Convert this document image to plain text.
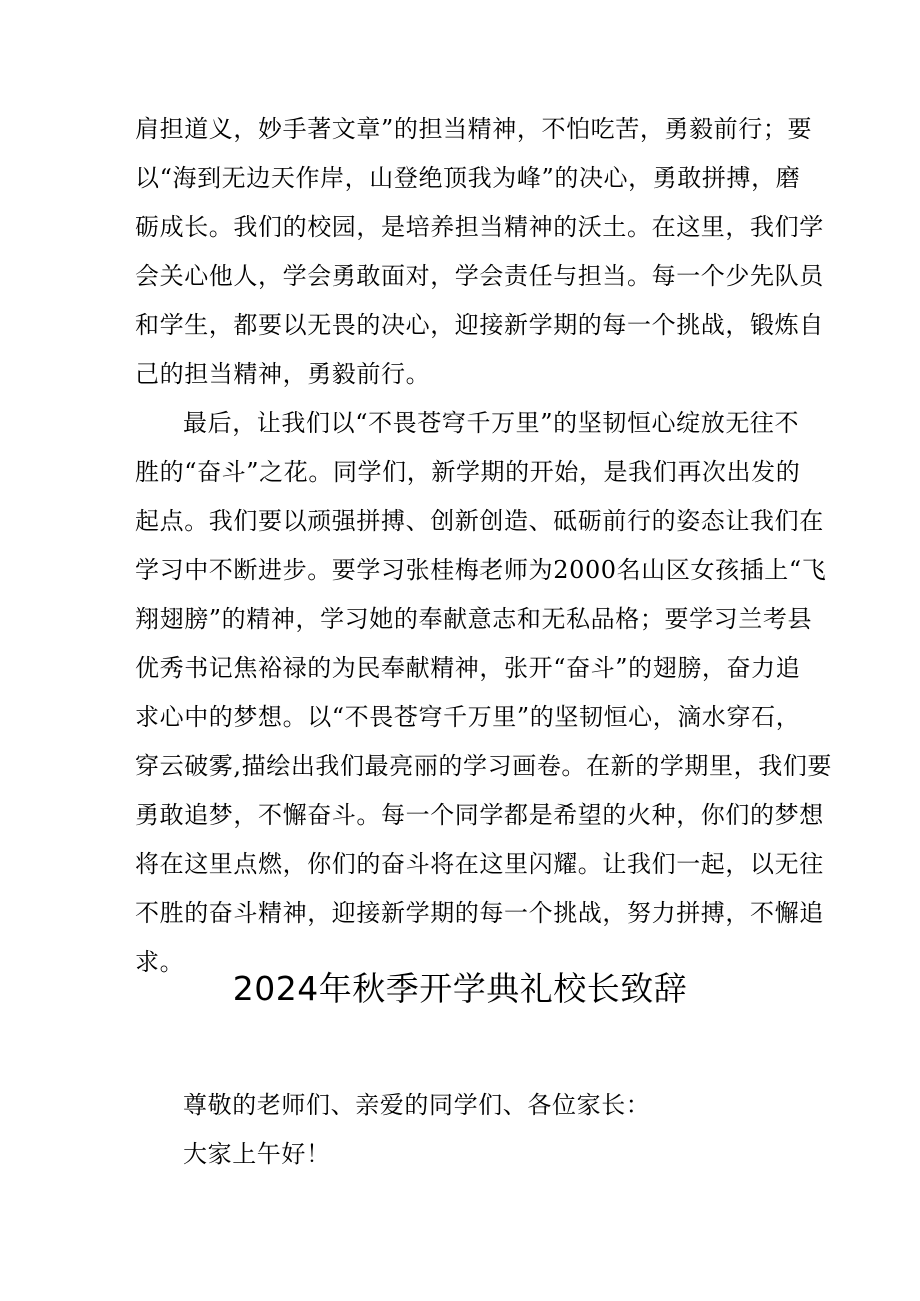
肩担道义，妙手著文章”的担当精神，不怕吃苦，勇毅前行；要
以“海到无边天作岸，山登绝顶我为峰”的决心，勇敢拼搏，磨
砺成长。我们的校园，是培养担当精神的沃土。在这里，我们学
会关心他人，学会勇敢面对，学会责任与担当。每一个少先队员
和学生，都要以无畏的决心，迎接新学期的每一个挑战，锻炼自
己的担当精神，勇毅前行。
最后，让我们以“不畏苍穹千万里”的坚韧恒心绽放无往不
胜的“奋斗”之花。同学们，新学期的开始，是我们再次出发的
起点。我们要以顽强拼搏、创新创造、砥砺前行的姿态让我们在
学习中不断进步。要学习张桂梅老师为2000名山区女孩插上“飞
翔翅膀”的精神，学习她的奉献意志和无私品格；要学习兰考县
优秀书记焦裕禄的为民奉献精神，张开“奋斗”的翅膀，奋力追
求心中的梦想。以“不畏苍穹千万里”的坚韧恒心，滴水穿石，
穿云破雾,描绘出我们最亮丽的学习画卷。在新的学期里，我们要
勇敢追梦，不懈奋斗。每一个同学都是希望的火种，你们的梦想
将在这里点燃，你们的奋斗将在这里闪耀。让我们一起，以无往
不胜的奋斗精神，迎接新学期的每一个挑战，努力拼搏，不懈追
求。
2024年秋季开学典礼校长致辞
尊敬的老师们、亲爱的同学们、各位家长：
大家上午好！
